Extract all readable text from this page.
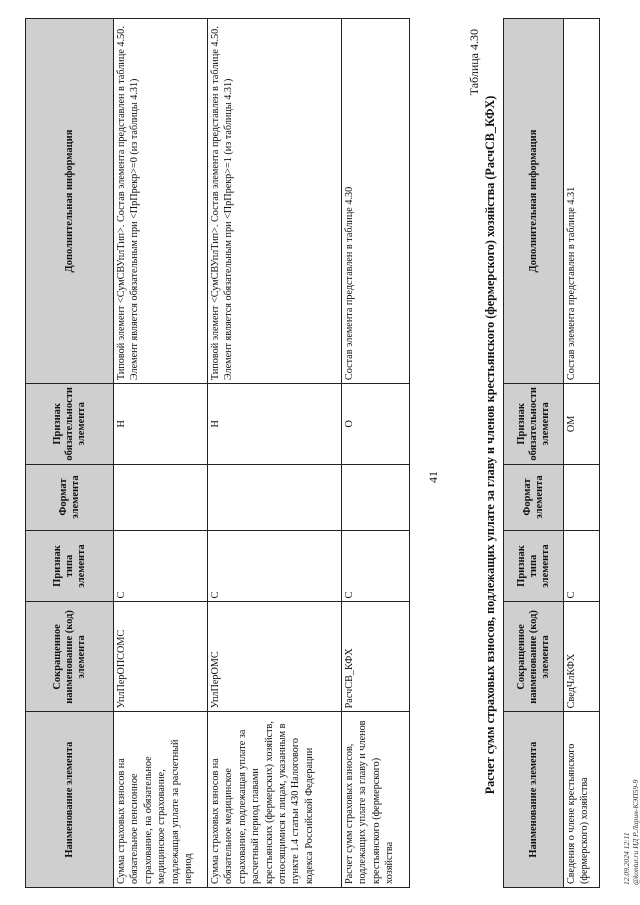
41
Наименование элемента	Сокращенное наименование (код) элемента	Признак типа элемента	Формат элемента	Признак обязательности элемента	Дополнительная информация
Сумма страховых взносов на обязательное пенсионное страхование, на обязательное медицинское страхование, подлежащая уплате за расчетный период	УплПерОПСОМС	С		Н	Типовой элемент <СумСВУплТип>. Состав элемента представлен в таблице 4.50. Элемент является обязательным при <ПрПрекр>=0 (из таблицы 4.31)
Сумма страховых взносов на обязательное медицинское страхование, подлежащая уплате за расчетный период главами крестьянских (фермерских) хозяйств, относящимися к лицам, указанным в пункте 1.4 статьи 430 Налогового кодекса Российской Федерации	УплПерОМС	С		Н	Типовой элемент <СумСВУплТип>. Состав элемента представлен в таблице 4.50. Элемент является обязательным при <ПрПрекр>=1 (из таблицы 4.31)
Расчет сумм страховых взносов, подлежащих уплате за главу и членов крестьянского (фермерского) хозяйства	РасчСВ_КФХ	С		О	Состав элемента представлен в таблице 4.30
Таблица 4.30
Расчет сумм страховых взносов, подлежащих уплате за главу и членов крестьянского (фермерского) хозяйства (РасчСВ_КФХ)
Наименование элемента	Сокращенное наименование (код) элемента	Признак типа элемента	Формат элемента	Признак обязательности элемента	Дополнительная информация
Сведения о члене крестьянского (фермерского) хозяйства	СведЧлКФХ	С		ОМ	Состав элемента представлен в таблице 4.31
12.09.2024 12:11 @kontur.ru ИД Р.Ларин-КЭП59-9
